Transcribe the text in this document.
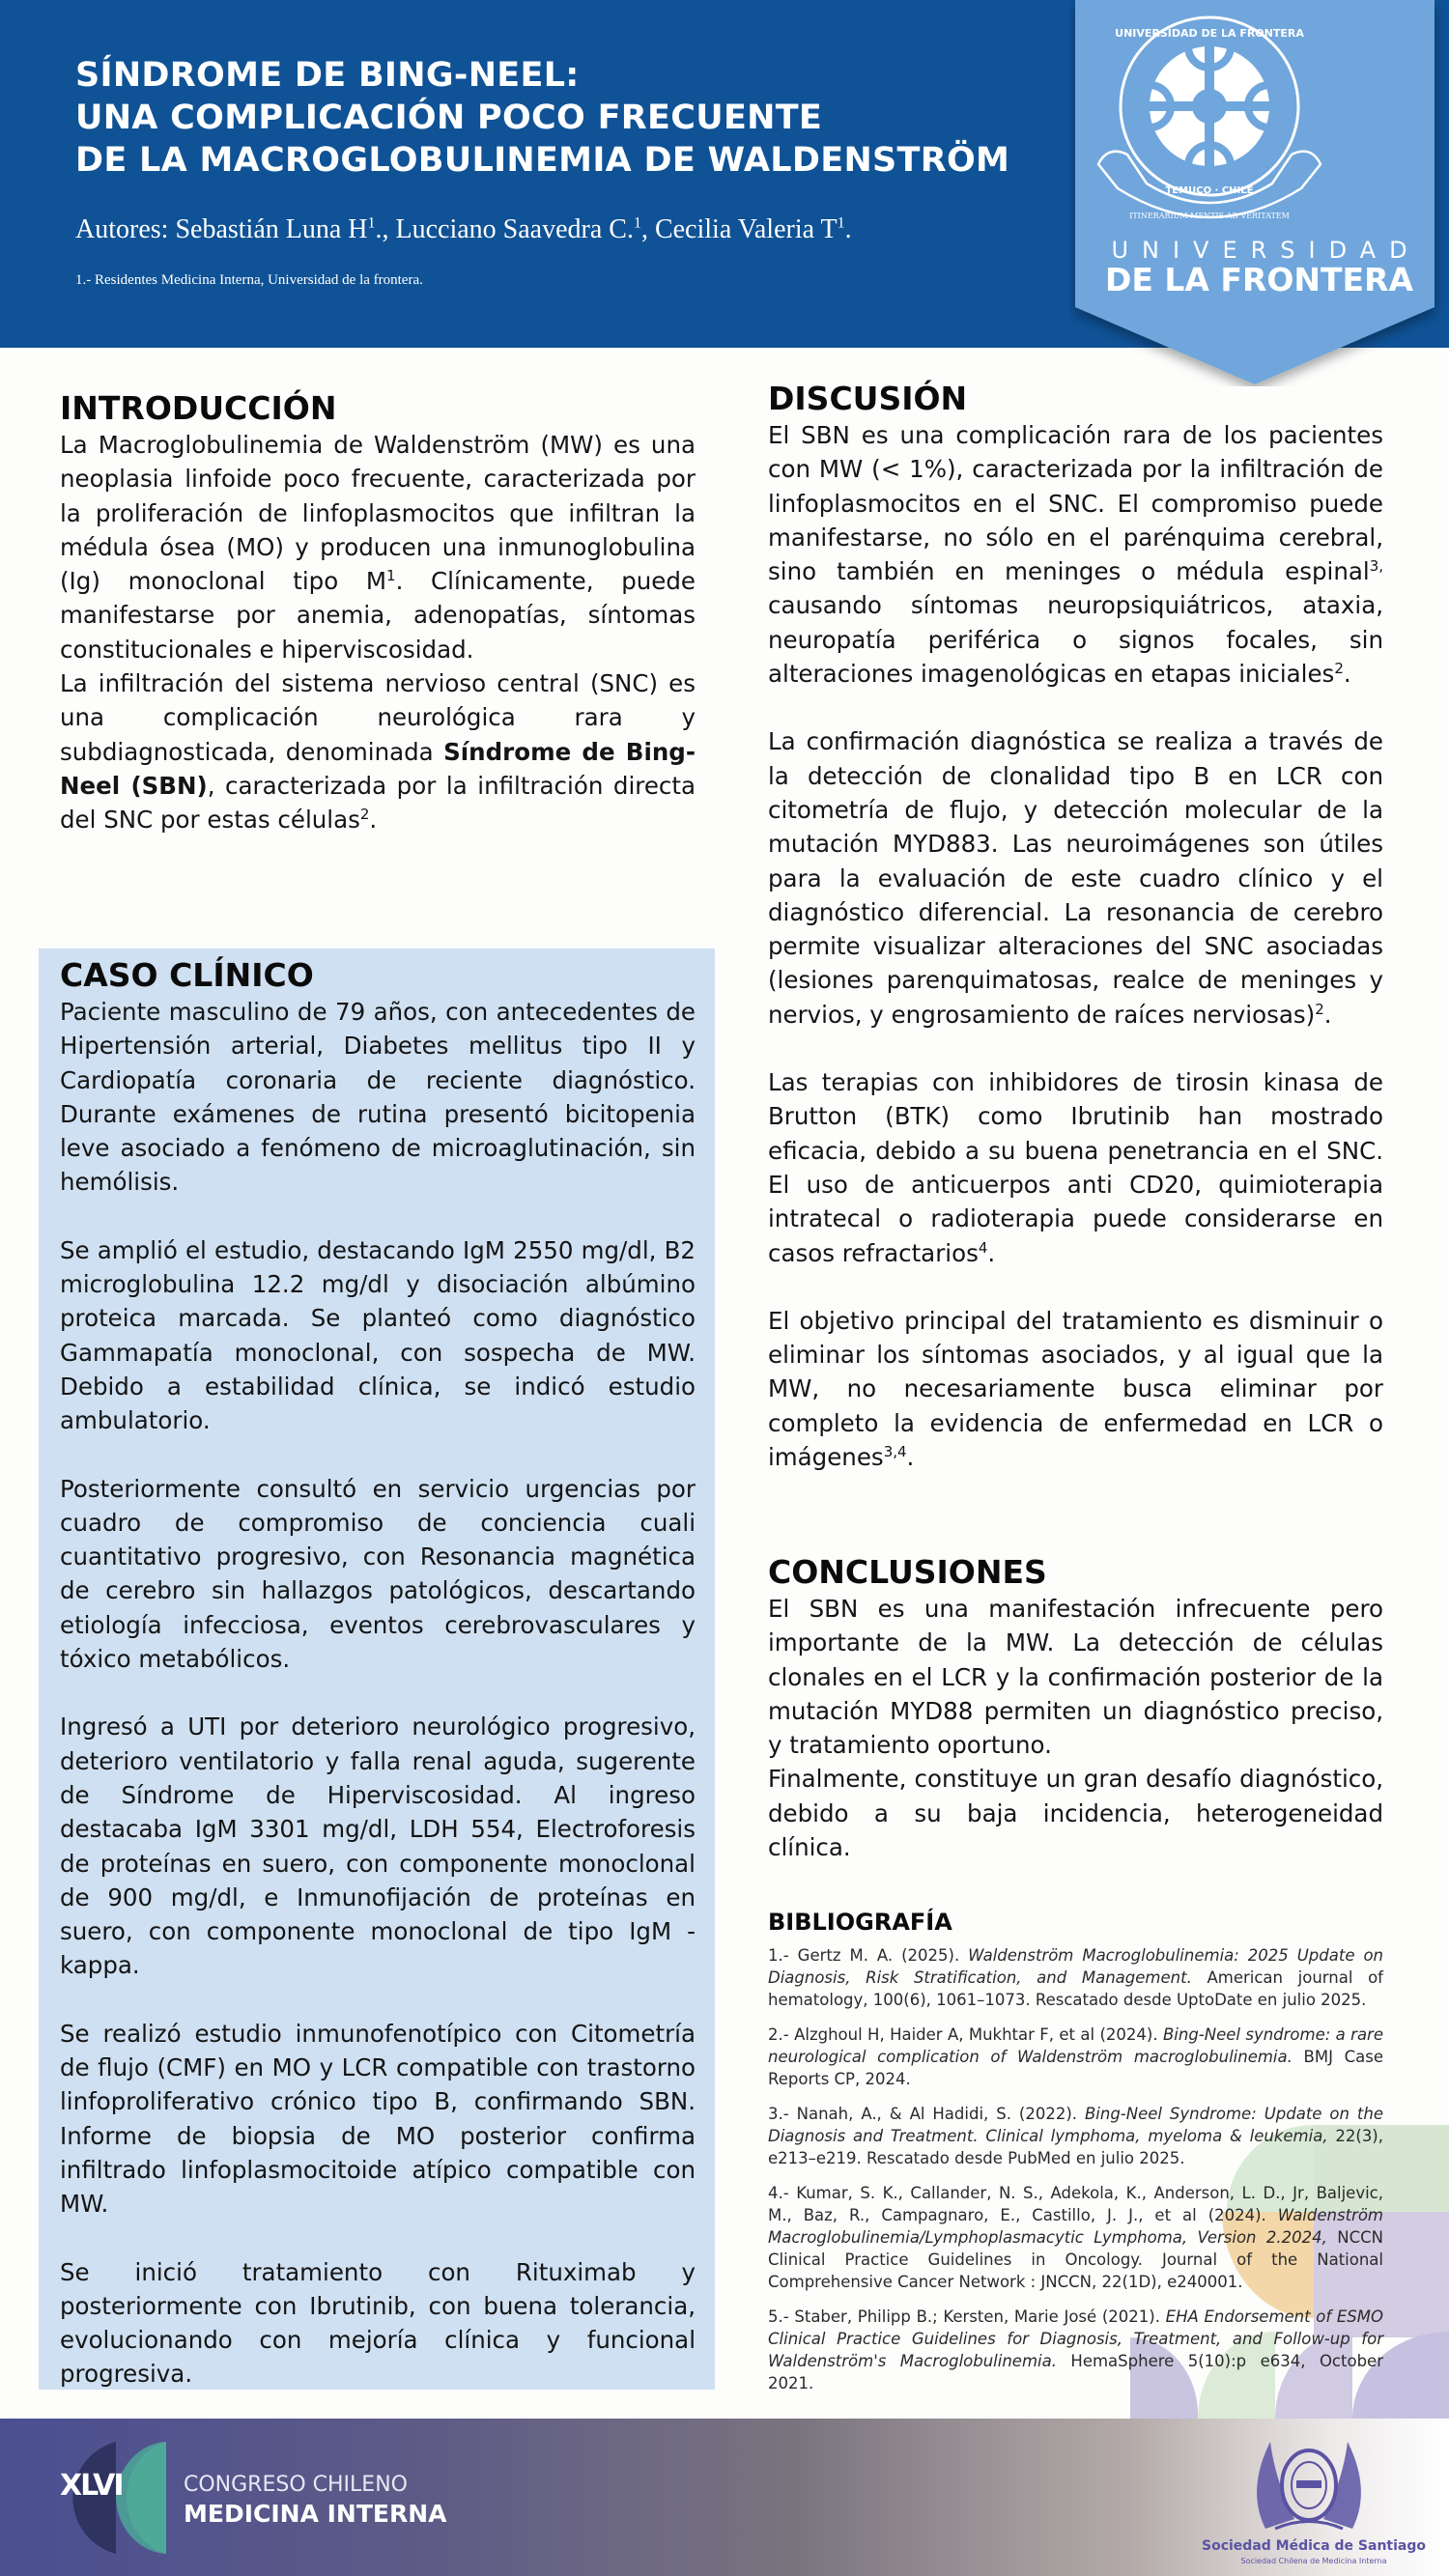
SÍNDROME DE BING-NEEL:
UNA COMPLICACIÓN POCO FRECUENTE
DE LA MACROGLOBULINEMIA DE WALDENSTRÖM
Autores: Sebastián Luna $H^1$., Lucciano Saavedra C.$^1$, Cecilia Valeria $T^1$.
1.- Residentes Medicina Interna, Universidad de la frontera.
UNIVERSIDAD DE LA FRONTERA
TEMUCO · CHILE
ITINERARIUM MENTIS AD VERITATEM
UNIVERSIDAD
DE LA FRONTERA
INTRODUCCIÓN
La Macroglobulinemia de Waldenström (MW) es una neoplasia linfoide poco frecuente, caracterizada por la proliferación de linfoplasmocitos que infiltran la médula ósea (MO) y producen una inmunoglobulina (Ig) monoclonal tipo $M^1$. Clínicamente, puede manifestarse por anemia, adenopatías, síntomas constitucionales e hiperviscosidad.
La infiltración del sistema nervioso central (SNC) es una complicación neurológica rara y subdiagnosticada, denominada Síndrome de Bing-Neel (SBN), caracterizada por la infiltración directa del SNC por estas células$^2$.
CASO CLÍNICO
Paciente masculino de 79 años, con antecedentes de Hipertensión arterial, Diabetes mellitus tipo II y Cardiopatía coronaria de reciente diagnóstico. Durante exámenes de rutina presentó bicitopenia leve asociado a fenómeno de microaglutinación, sin hemólisis.
Se amplió el estudio, destacando IgM 2550 mg/dl, B2 microglobulina 12.2 mg/dl y disociación albúmino proteica marcada. Se planteó como diagnóstico Gammapatía monoclonal, con sospecha de MW. Debido a estabilidad clínica, se indicó estudio ambulatorio.
Posteriormente consultó en servicio urgencias por cuadro de compromiso de conciencia cuali cuantitativo progresivo, con Resonancia magnética de cerebro sin hallazgos patológicos, descartando etiología infecciosa, eventos cerebrovasculares y tóxico metabólicos.
Ingresó a UTI por deterioro neurológico progresivo, deterioro ventilatorio y falla renal aguda, sugerente de Síndrome de Hiperviscosidad. Al ingreso destacaba IgM 3301 mg/dl, LDH 554, Electroforesis de proteínas en suero, con componente monoclonal de 900 mg/dl, e Inmunofijación de proteínas en suero, con componente monoclonal de tipo IgM - kappa.
Se realizó estudio inmunofenotípico con Citometría de flujo (CMF) en MO y LCR compatible con trastorno linfoproliferativo crónico tipo B, confirmando SBN. Informe de biopsia de MO posterior confirma infiltrado linfoplasmocitoide atípico compatible con MW.
Se inició tratamiento con Rituximab y posteriormente con Ibrutinib, con buena tolerancia, evolucionando con mejoría clínica y funcional progresiva.
DISCUSIÓN
El SBN es una complicación rara de los pacientes con MW (< 1%), caracterizada por la infiltración de linfoplasmocitos en el SNC. El compromiso puede manifestarse, no sólo en el parénquima cerebral, sino también en meninges o médula espinal$^{3,}$ causando síntomas neuropsiquiátricos, ataxia, neuropatía periférica o signos focales, sin alteraciones imagenológicas en etapas iniciales$^2$.
La confirmación diagnóstica se realiza a través de la detección de clonalidad tipo B en LCR con citometría de flujo, y detección molecular de la mutación MYD883. Las neuroimágenes son útiles para la evaluación de este cuadro clínico y el diagnóstico diferencial. La resonancia de cerebro permite visualizar alteraciones del SNC asociadas (lesiones parenquimatosas, realce de meninges y nervios, y engrosamiento de raíces nerviosas)$^2$.
Las terapias con inhibidores de tirosin kinasa de Brutton (BTK) como Ibrutinib han mostrado eficacia, debido a su buena penetrancia en el SNC. El uso de anticuerpos anti CD20, quimioterapia intratecal o radioterapia puede considerarse en casos refractarios$^4$.
El objetivo principal del tratamiento es disminuir o eliminar los síntomas asociados, y al igual que la MW, no necesariamente busca eliminar por completo la evidencia de enfermedad en LCR o imágenes$^{3,4}$.
CONCLUSIONES
El SBN es una manifestación infrecuente pero importante de la MW. La detección de células clonales en el LCR y la confirmación posterior de la mutación MYD88 permiten un diagnóstico preciso, y tratamiento oportuno.
Finalmente, constituye un gran desafío diagnóstico, debido a su baja incidencia, heterogeneidad clínica.
BIBLIOGRAFÍA
1.- Gertz M. A. (2025). Waldenström Macroglobulinemia: 2025 Update on Diagnosis, Risk Stratification, and Management. American journal of hematology, 100(6), 1061–1073. Rescatado desde UptoDate en julio 2025.
2.- Alzghoul H, Haider A, Mukhtar F, et al (2024). Bing-Neel syndrome: a rare neurological complication of Waldenström macroglobulinemia. BMJ Case Reports CP, 2024.
3.- Nanah, A., & Al Hadidi, S. (2022). Bing-Neel Syndrome: Update on the Diagnosis and Treatment. Clinical lymphoma, myeloma & leukemia, 22(3), e213–e219. Rescatado desde PubMed en julio 2025.
4.- Kumar, S. K., Callander, N. S., Adekola, K., Anderson, L. D., Jr, Baljevic, M., Baz, R., Campagnaro, E., Castillo, J. J., et al (2024). Waldenström Macroglobulinemia/Lymphoplasmacytic Lymphoma, Version 2.2024, NCCN Clinical Practice Guidelines in Oncology. Journal of the National Comprehensive Cancer Network : JNCCN, 22(1D), e240001.
5.- Staber, Philipp B.; Kersten, Marie José (2021). EHA Endorsement of ESMO Clinical Practice Guidelines for Diagnosis, Treatment, and Follow-up for Waldenström's Macroglobulinemia. HemaSphere 5(10):p e634, October 2021.
XLVI	CONGRESO CHILENO
MEDICINA INTERNA
Sociedad Médica de Santiago
Sociedad Chilena de Medicina Interna
